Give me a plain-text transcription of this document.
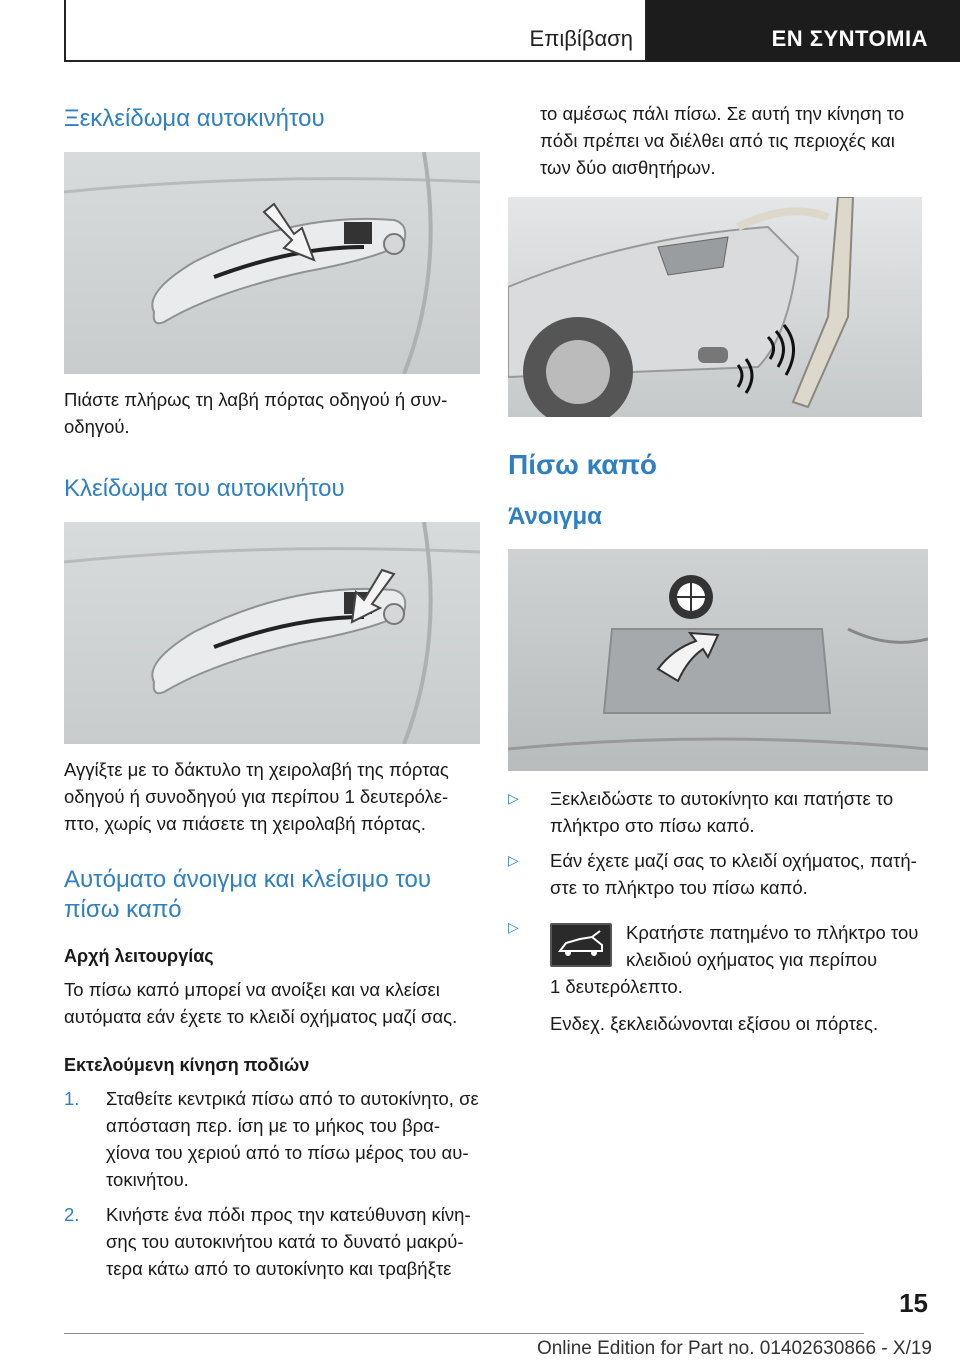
Επιβίβαση	ΕΝ ΣΥΝΤΟΜΙΑ
Ξεκλείδωμα αυτοκινήτου

Πιάστε πλήρως τη λαβή πόρτας οδηγού ή συν- οδηγού.

Κλείδωμα του αυτοκινήτου

Αγγίξτε με το δάκτυλο τη χειρολαβή της πόρτας οδηγού ή συνοδηγού για περίπου 1 δευτερόλε- πτο, χωρίς να πιάσετε τη χειρολαβή πόρτας.

Αυτόματο άνοιγμα και κλείσιμο του πίσω καπό

Αρχή λειτουργίας

Το πίσω καπό μπορεί να ανοίξει και να κλείσει αυτόματα εάν έχετε το κλειδί οχήματος μαζί σας.

Εκτελούμενη κίνηση ποδιών

1. Σταθείτε κεντρικά πίσω από το αυτοκίνητο, σε απόσταση περ. ίση με το μήκος του βρα- χίονα του χεριού από το πίσω μέρος του αυ- τοκινήτου.
2. Κινήστε ένα πόδι προς την κατεύθυνση κίνη- σης του αυτοκινήτου κατά το δυνατό μακρύ- τερα κάτω από το αυτοκίνητο και τραβήξτε

το αμέσως πάλι πίσω. Σε αυτή την κίνηση το πόδι πρέπει να διέλθει από τις περιοχές και των δύο αισθητήρων.

Πίσω καπό
Άνοιγμα
▷ Ξεκλειδώστε το αυτοκίνητο και πατήστε το πλήκτρο στο πίσω καπό.
▷ Εάν έχετε μαζί σας το κλειδί οχήματος, πατή- στε το πλήκτρο του πίσω καπό.
▷	Κρατήστε πατημένο το πλήκτρο του κλειδιού οχήματος για περίπου

1 δευτερόλεπτο.

Ενδεχ. ξεκλειδώνονται εξίσου οι πόρτες.

15
Online Edition for Part no. 01402630866 - X/19
